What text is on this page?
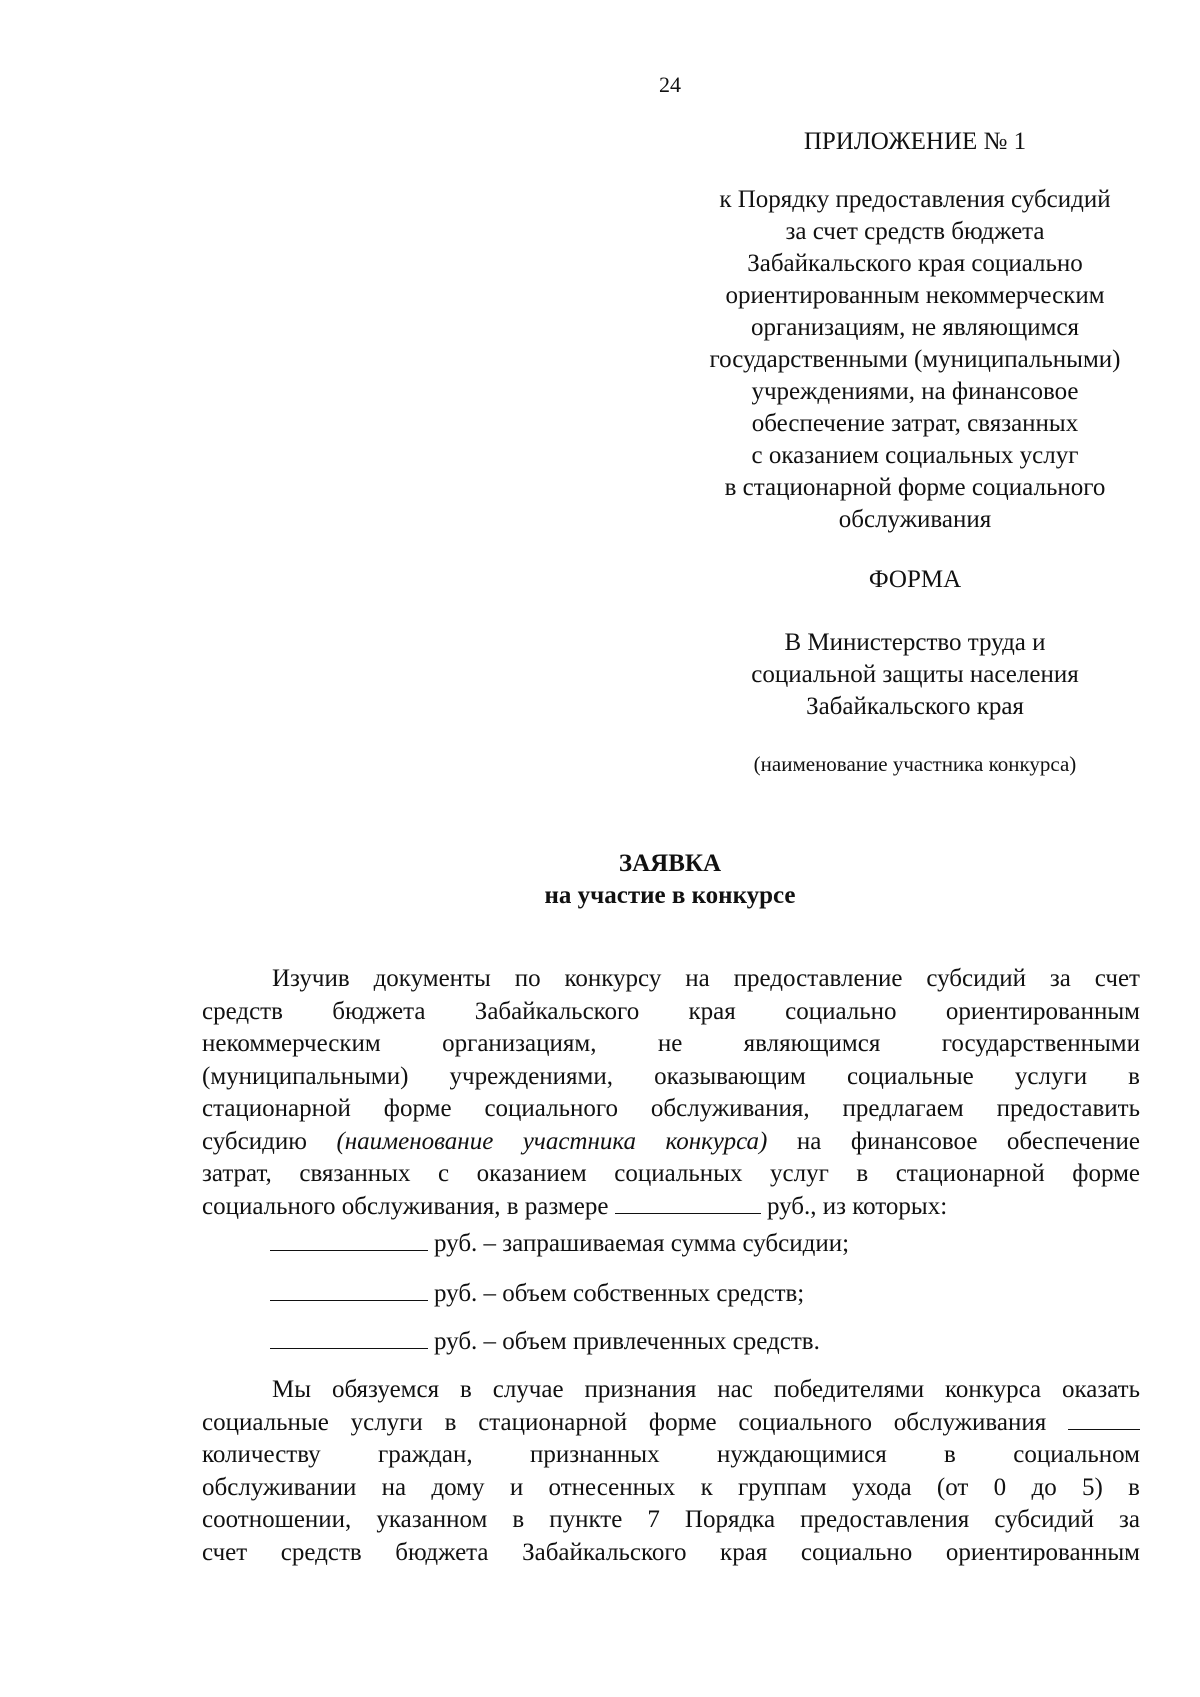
24
ПРИЛОЖЕНИЕ № 1
к Порядку предоставления субсидий
за счет средств бюджета
Забайкальского края социально
ориентированным некоммерческим
организациям, не являющимся
государственными (муниципальными)
учреждениями, на финансовое
обеспечение затрат, связанных
с оказанием социальных услуг
в стационарной форме социального
обслуживания
ФОРМА
В Министерство труда и
социальной защиты населения
Забайкальского края
(наименование участника конкурса)
ЗАЯВКА
на участие в конкурсе
Изучив документы по конкурсу на предоставление субсидий за счет
средств бюджета Забайкальского края социально ориентированным
некоммерческим организациям, не являющимся государственными
(муниципальными) учреждениями, оказывающим социальные услуги в
стационарной форме социального обслуживания, предлагаем предоставить
субсидию (наименование участника конкурса) на финансовое обеспечение
затрат, связанных с оказанием социальных услуг в стационарной форме
социального обслуживания, в размере	руб., из которых:
руб. – запрашиваемая сумма субсидии;
руб. – объем собственных средств;
руб. – объем привлеченных средств.
Мы обязуемся в случае признания нас победителями конкурса оказать
социальные услуги в стационарной форме социального обслуживания
количеству граждан, признанных нуждающимися в социальном
обслуживании на дому и отнесенных к группам ухода (от 0 до 5) в
соотношении, указанном в пункте 7 Порядка предоставления субсидий за
счет средств бюджета Забайкальского края социально ориентированным
